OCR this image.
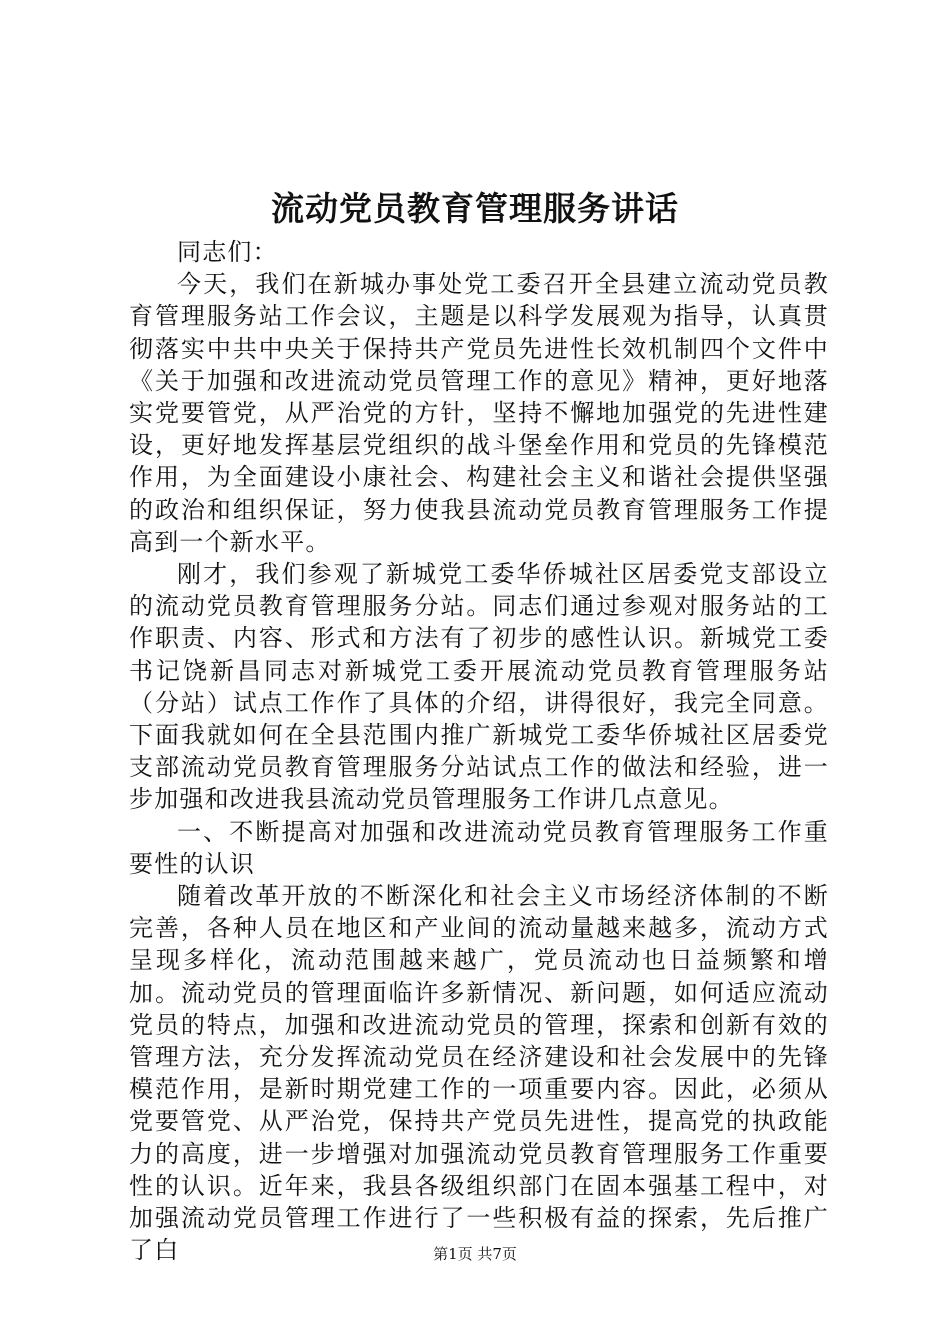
流动党员教育管理服务讲话

同志们：

今天，我们在新城办事处党工委召开全县建立流动党员教育管理服务站工作会议，主题是以科学发展观为指导，认真贯彻落实中共中央关于保持共产党员先进性长效机制四个文件中《关于加强和改进流动党员管理工作的意见》精神，更好地落实党要管党，从严治党的方针，坚持不懈地加强党的先进性建设，更好地发挥基层党组织的战斗堡垒作用和党员的先锋模范作用，为全面建设小康社会、构建社会主义和谐社会提供坚强的政治和组织保证，努力使我县流动党员教育管理服务工作提高到一个新水平。

刚才，我们参观了新城党工委华侨城社区居委党支部设立的流动党员教育管理服务分站。同志们通过参观对服务站的工作职责、内容、形式和方法有了初步的感性认识。新城党工委书记饶新昌同志对新城党工委开展流动党员教育管理服务站（分站）试点工作作了具体的介绍，讲得很好，我完全同意。下面我就如何在全县范围内推广新城党工委华侨城社区居委党支部流动党员教育管理服务分站试点工作的做法和经验，进一步加强和改进我县流动党员管理服务工作讲几点意见。

一、不断提高对加强和改进流动党员教育管理服务工作重要性的认识

随着改革开放的不断深化和社会主义市场经济体制的不断完善，各种人员在地区和产业间的流动量越来越多，流动方式呈现多样化，流动范围越来越广，党员流动也日益频繁和增加。流动党员的管理面临许多新情况、新问题，如何适应流动党员的特点，加强和改进流动党员的管理，探索和创新有效的管理方法，充分发挥流动党员在经济建设和社会发展中的先锋模范作用，是新时期党建工作的一项重要内容。因此，必须从党要管党、从严治党，保持共产党员先进性，提高党的执政能力的高度，进一步增强对加强流动党员教育管理服务工作重要性的认识。近年来，我县各级组织部门在固本强基工程中，对加强流动党员管理工作进行了一些积极有益的探索，先后推广了白	第1页 共7页
